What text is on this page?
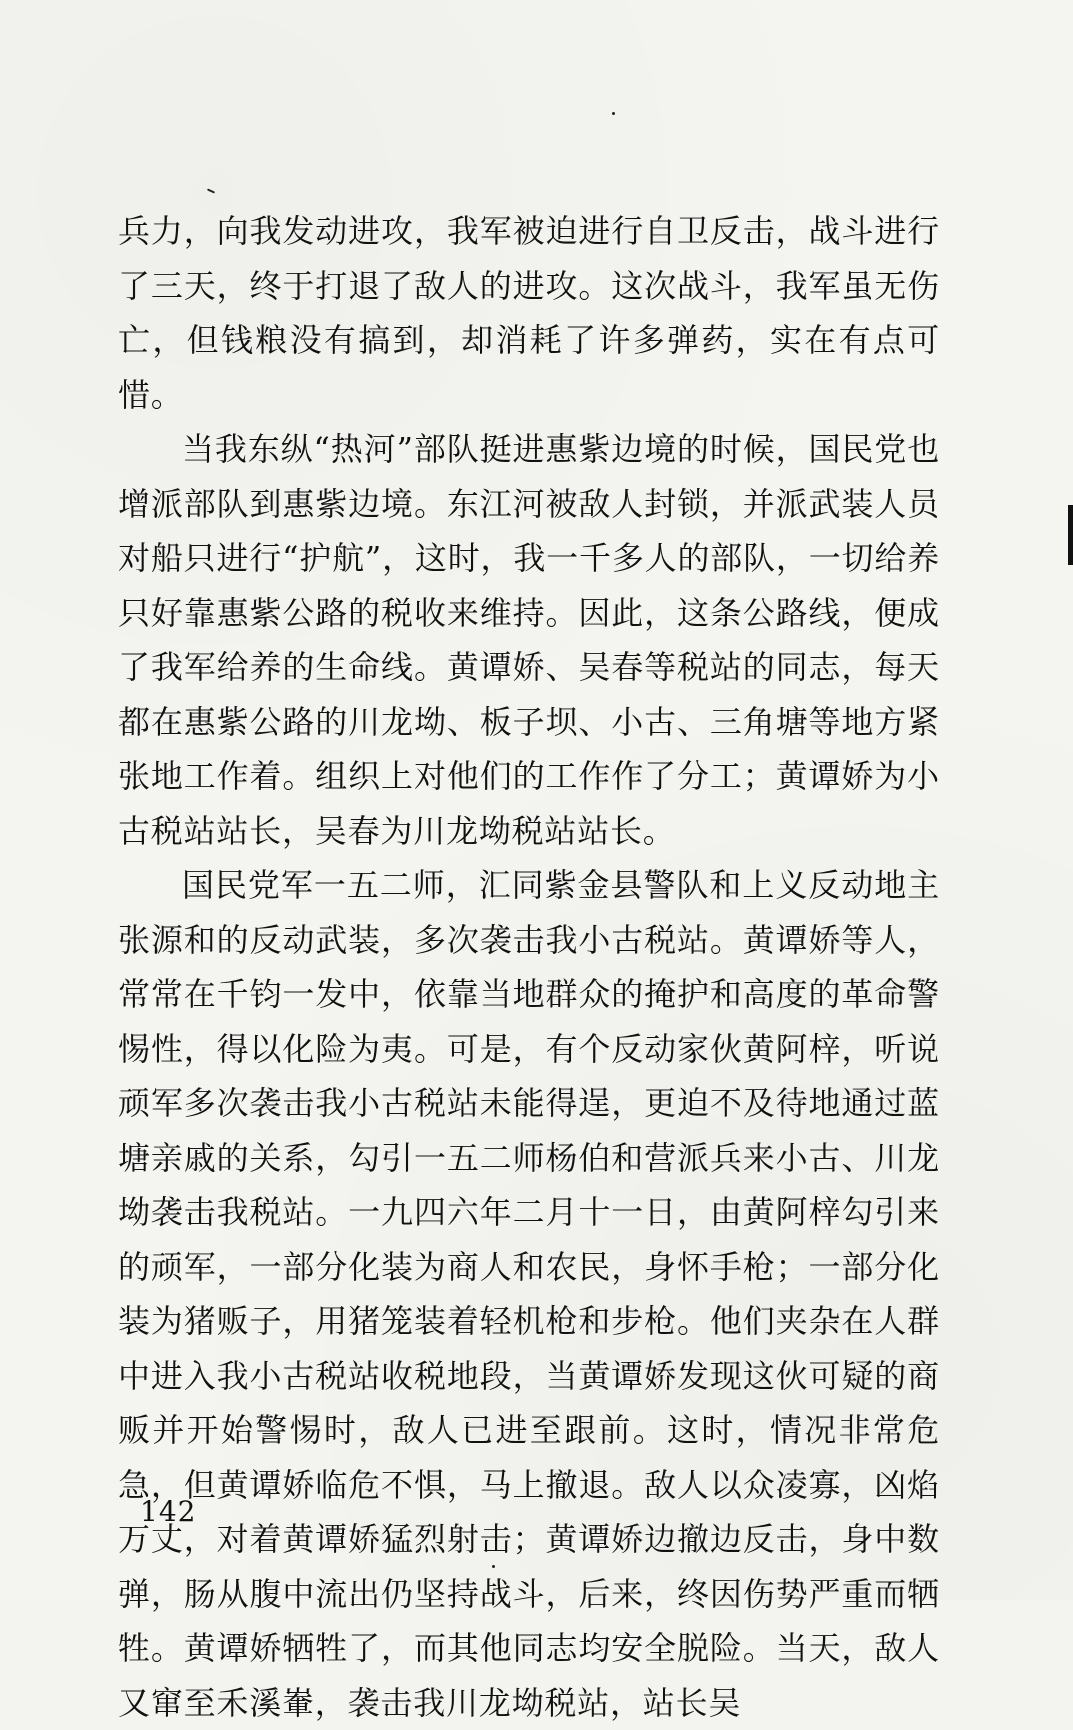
兵力，向我发动进攻，我军被迫进行自卫反击，战斗进行了三天，终于打退了敌人的进攻。这次战斗，我军虽无伤亡，但钱粮没有搞到，却消耗了许多弹药，实在有点可惜。

当我东纵“热河”部队挺进惠紫边境的时候，国民党也增派部队到惠紫边境。东江河被敌人封锁，并派武装人员对船只进行“护航”，这时，我一千多人的部队，一切给养只好靠惠紫公路的税收来维持。因此，这条公路线，便成了我军给养的生命线。黄谭娇、吴春等税站的同志，每天都在惠紫公路的川龙坳、板子坝、小古、三角塘等地方紧张地工作着。组织上对他们的工作作了分工；黄谭娇为小古税站站长，吴春为川龙坳税站站长。

国民党军一五二师，汇同紫金县警队和上义反动地主张源和的反动武装，多次袭击我小古税站。黄谭娇等人，常常在千钧一发中，依靠当地群众的掩护和高度的革命警惕性，得以化险为夷。可是，有个反动家伙黄阿梓，听说顽军多次袭击我小古税站未能得逞，更迫不及待地通过蓝塘亲戚的关系，勾引一五二师杨伯和营派兵来小古、川龙坳袭击我税站。一九四六年二月十一日，由黄阿梓勾引来的顽军，一部分化装为商人和农民，身怀手枪；一部分化装为猪贩子，用猪笼装着轻机枪和步枪。他们夹杂在人群中进入我小古税站收税地段，当黄谭娇发现这伙可疑的商贩并开始警惕时，敌人已进至跟前。这时，情况非常危急，但黄谭娇临危不惧，马上撤退。敌人以众凌寡，凶焰万丈，对着黄谭娇猛烈射击；黄谭娇边撤边反击，身中数弹，肠从腹中流出仍坚持战斗，后来，终因伤势严重而牺牲。黄谭娇牺牲了，而其他同志均安全脱险。当天，敌人又窜至禾溪輋，袭击我川龙坳税站，站长吴

142
